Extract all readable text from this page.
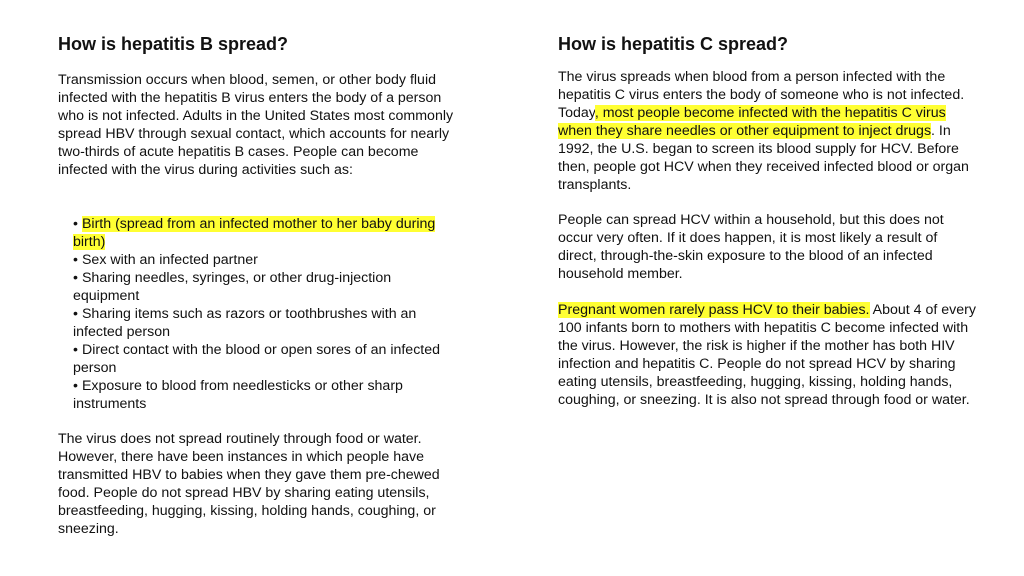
How is hepatitis B spread?

Transmission occurs when blood, semen, or other body fluid infected with the hepatitis B virus enters the body of a person who is not infected. Adults in the United States most commonly spread HBV through sexual contact, which accounts for nearly two-thirds of acute hepatitis B cases. People can become infected with the virus during activities such as:

• Birth (spread from an infected mother to her baby during birth)
• Sex with an infected partner
• Sharing needles, syringes, or other drug-injection equipment
• Sharing items such as razors or toothbrushes with an infected person
• Direct contact with the blood or open sores of an infected person
• Exposure to blood from needlesticks or other sharp instruments

The virus does not spread routinely through food or water. However, there have been instances in which people have transmitted HBV to babies when they gave them pre-chewed food. People do not spread HBV by sharing eating utensils, breastfeeding, hugging, kissing, holding hands, coughing, or sneezing.

How is hepatitis C spread?

The virus spreads when blood from a person infected with the hepatitis C virus enters the body of someone who is not infected. Today, most people become infected with the hepatitis C virus when they share needles or other equipment to inject drugs. In 1992, the U.S. began to screen its blood supply for HCV. Before then, people got HCV when they received infected blood or organ transplants.

People can spread HCV within a household, but this does not occur very often. If it does happen, it is most likely a result of direct, through-the-skin exposure to the blood of an infected household member.

Pregnant women rarely pass HCV to their babies. About 4 of every 100 infants born to mothers with hepatitis C become infected with the virus. However, the risk is higher if the mother has both HIV infection and hepatitis C. People do not spread HCV by sharing eating utensils, breastfeeding, hugging, kissing, holding hands, coughing, or sneezing. It is also not spread through food or water.
